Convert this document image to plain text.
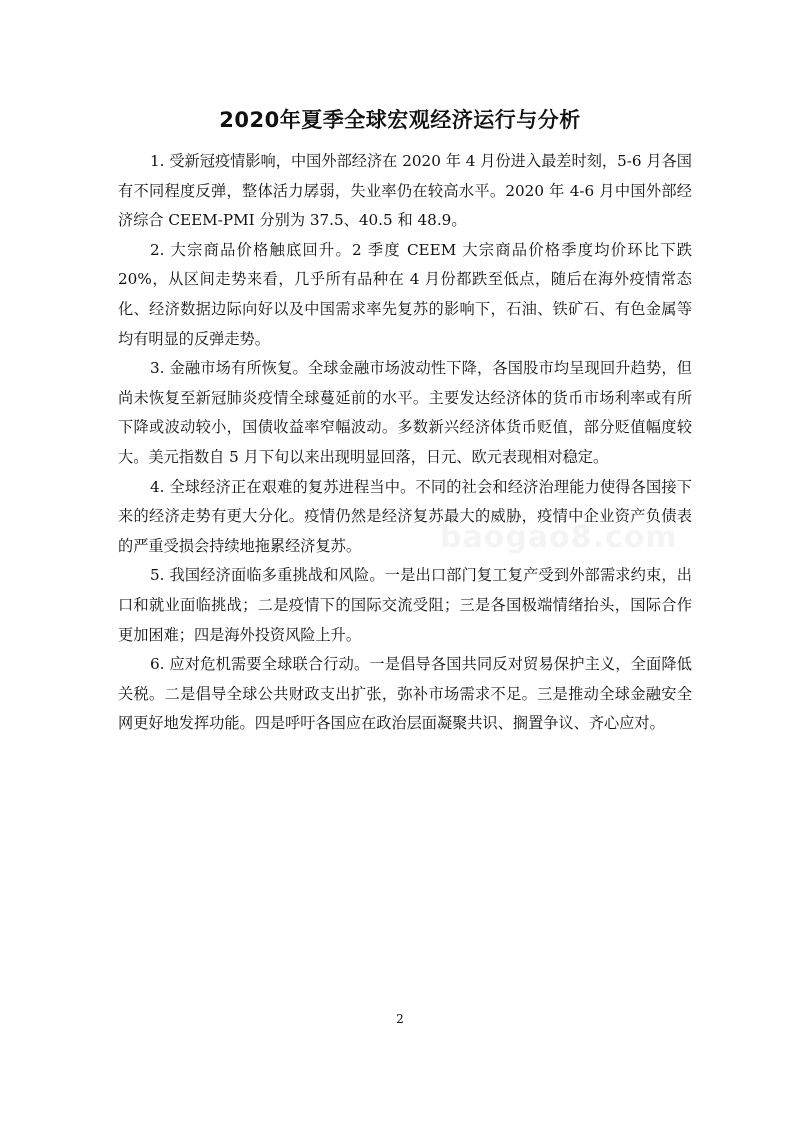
2020年夏季全球宏观经济运行与分析

1. 受新冠疫情影响，中国外部经济在 2020 年 4 月份进入最差时刻，5-6 月各国有不同程度反弹，整体活力孱弱，失业率仍在较高水平。2020 年 4-6 月中国外部经济综合 CEEM-PMI 分别为 37.5、40.5 和 48.9。

2. 大宗商品价格触底回升。2 季度 CEEM 大宗商品价格季度均价环比下跌 20%，从区间走势来看，几乎所有品种在 4 月份都跌至低点，随后在海外疫情常态化、经济数据边际向好以及中国需求率先复苏的影响下，石油、铁矿石、有色金属等均有明显的反弹走势。

3. 金融市场有所恢复。全球金融市场波动性下降，各国股市均呈现回升趋势，但尚未恢复至新冠肺炎疫情全球蔓延前的水平。主要发达经济体的货币市场利率或有所下降或波动较小，国债收益率窄幅波动。多数新兴经济体货币贬值，部分贬值幅度较大。美元指数自 5 月下旬以来出现明显回落，日元、欧元表现相对稳定。

4. 全球经济正在艰难的复苏进程当中。不同的社会和经济治理能力使得各国接下来的经济走势有更大分化。疫情仍然是经济复苏最大的威胁，疫情中企业资产负债表的严重受损会持续地拖累经济复苏。

5. 我国经济面临多重挑战和风险。一是出口部门复工复产受到外部需求约束，出口和就业面临挑战；二是疫情下的国际交流受阻；三是各国极端情绪抬头，国际合作更加困难；四是海外投资风险上升。

6. 应对危机需要全球联合行动。一是倡导各国共同反对贸易保护主义，全面降低关税。二是倡导全球公共财政支出扩张，弥补市场需求不足。三是推动全球金融安全网更好地发挥功能。四是呼吁各国应在政治层面凝聚共识、搁置争议、齐心应对。

2
